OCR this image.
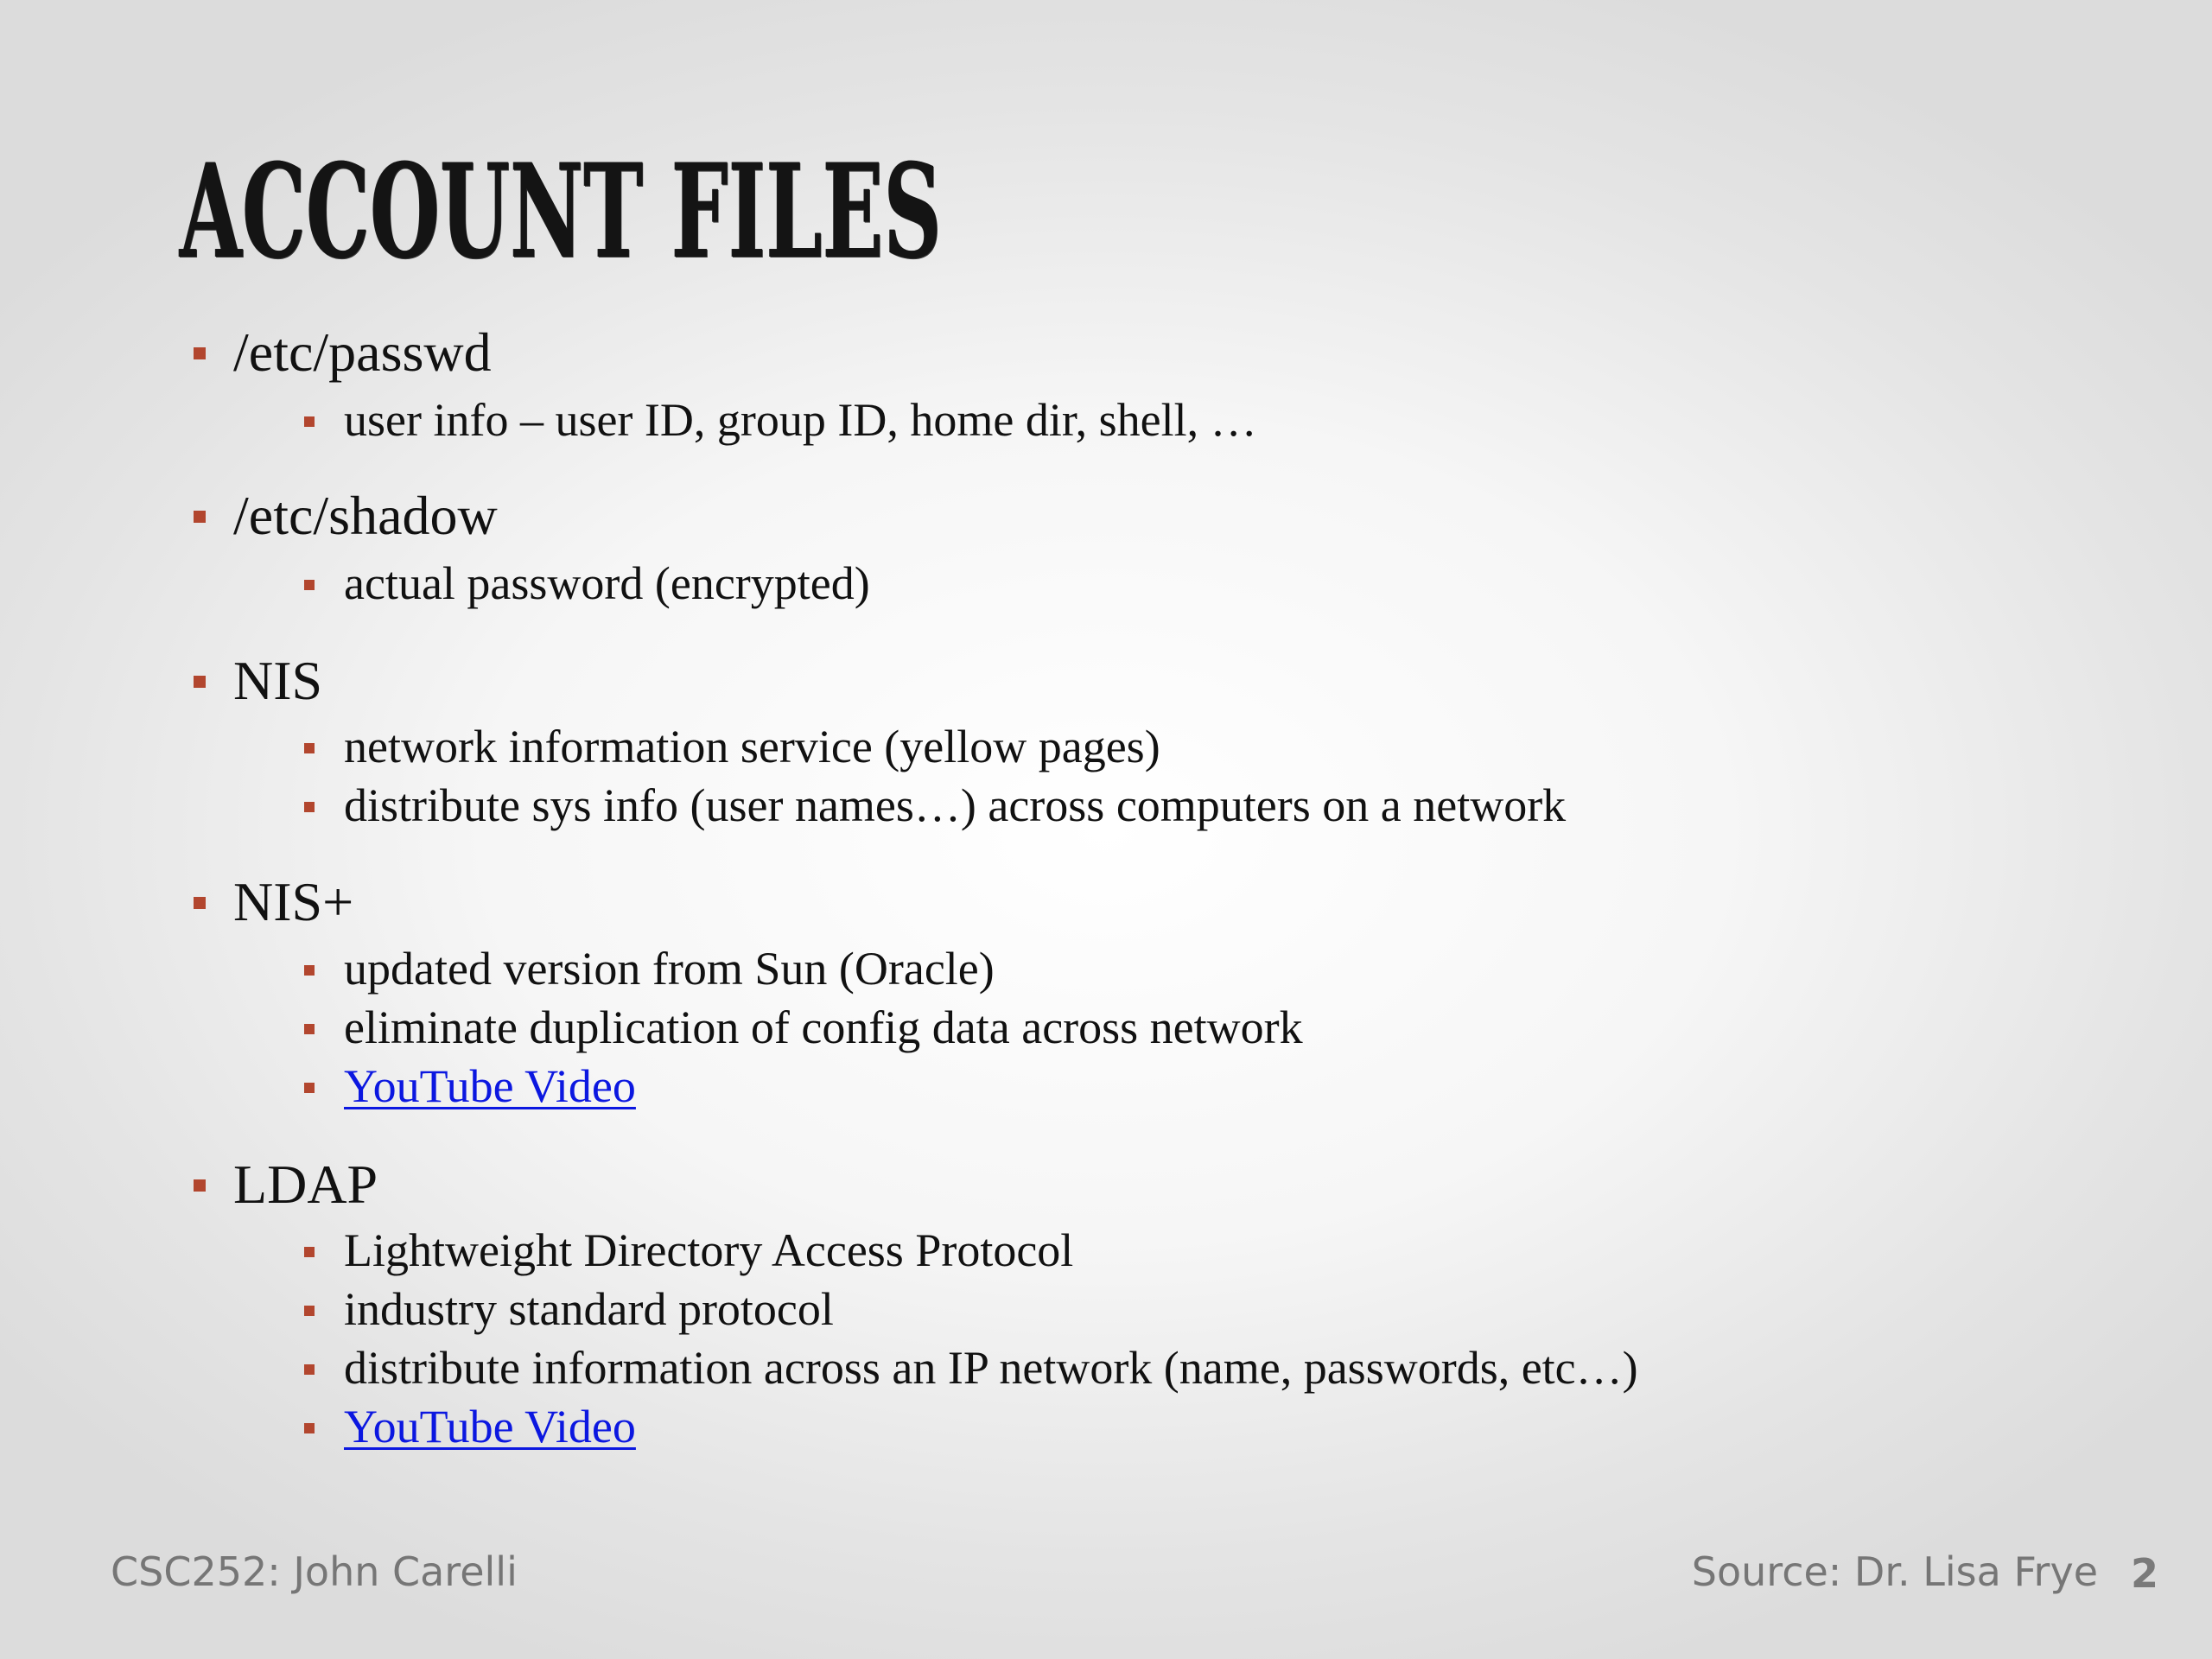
ACCOUNT FILES
/etc/passwd
user info – user ID, group ID, home dir, shell, …
/etc/shadow
actual password (encrypted)
NIS
network information service (yellow pages)
distribute sys info (user names…) across computers on a network
NIS+
updated version from Sun (Oracle)
eliminate duplication of config data across network
YouTube Video
LDAP
Lightweight Directory Access Protocol
industry standard protocol
distribute information across an IP network (name, passwords, etc…)
YouTube Video
CSC252: John Carelli	Source: Dr. Lisa Frye 2
